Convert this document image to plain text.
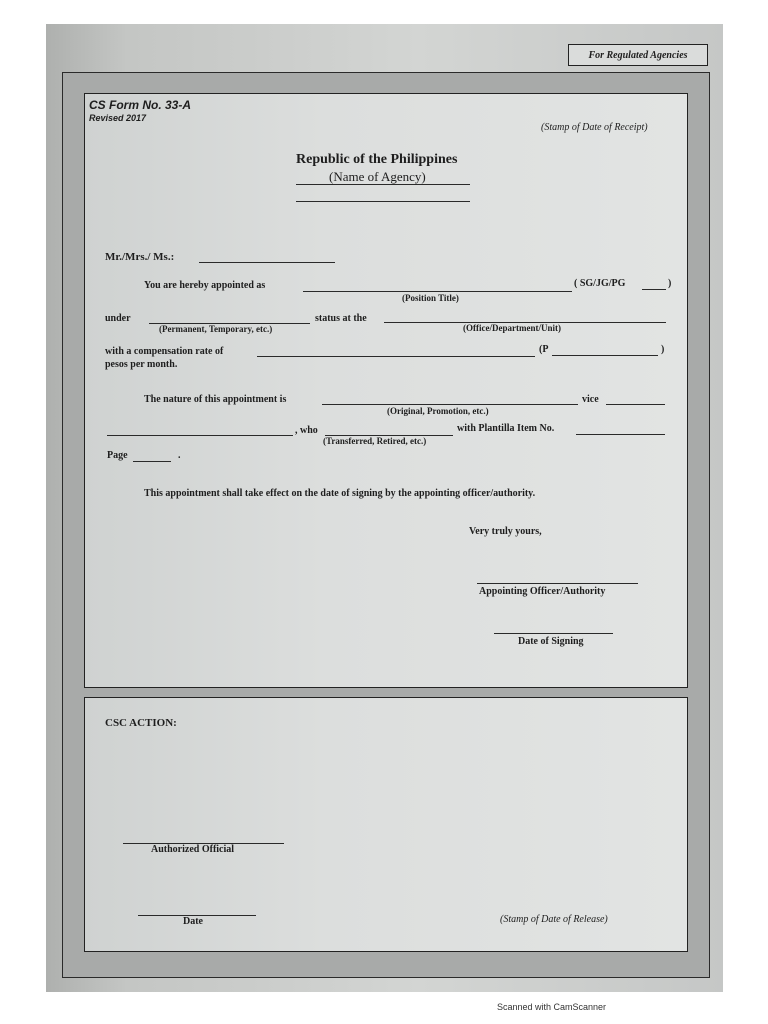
For Regulated Agencies
CS Form No. 33-A
Revised 2017
(Stamp of Date of Receipt)
Republic of the Philippines
(Name of Agency)
Mr./Mrs./ Ms.:
You are hereby appointed as	( SG/JG/PG	)
(Position Title)
under	status at the
(Permanent, Temporary, etc.)	(Office/Department/Unit)
with a compensation rate of	(P	)
pesos per month.
The nature of this appointment is	vice
(Original, Promotion, etc.)
, who	with Plantilla Item No.
(Transferred, Retired, etc.)
Page	.
This appointment shall take effect on the date of signing by the appointing officer/authority.
Very truly yours,
Appointing Officer/Authority
Date of Signing
CSC ACTION:
Authorized Official
Date	(Stamp of Date of Release)
Scanned with CamScanner
